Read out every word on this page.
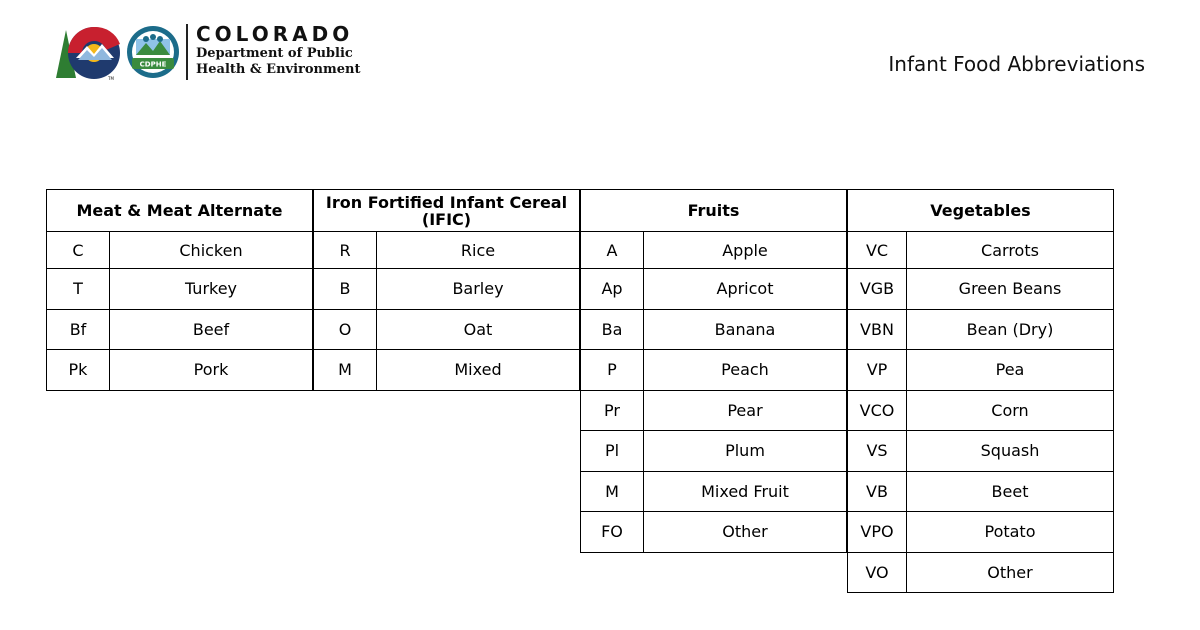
TM
CDPHE
COLORADO
Department of Public
Health & Environment	Infant Food Abbreviations
Meat & Meat Alternate	
C	Chicken
T	Turkey
Bf	Beef
Pk	Pork
Iron Fortified Infant Cereal (IFIC)	
R	Rice
B	Barley
O	Oat
M	Mixed
Fruits	
A	Apple
Ap	Apricot
Ba	Banana
P	Peach
Pr	Pear
Pl	Plum
M	Mixed Fruit
FO	Other
Vegetables	
VC	Carrots
VGB	Green Beans
VBN	Bean (Dry)
VP	Pea
VCO	Corn
VS	Squash
VB	Beet
VPO	Potato
VO	Other
